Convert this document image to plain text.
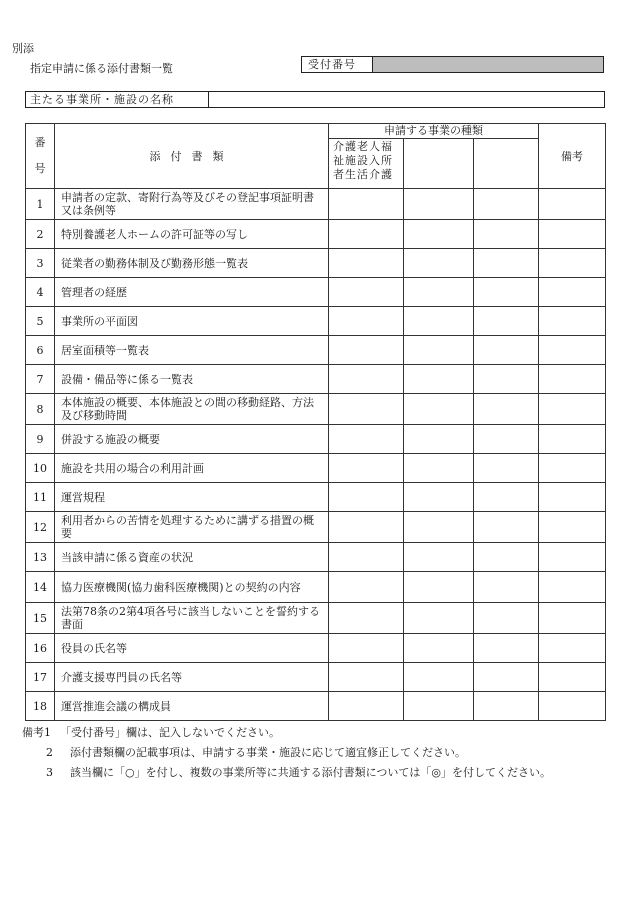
別添
指定申請に係る添付書類一覧	受付番号
主たる事業所・施設の名称
番
号	添付書類	申請する事業の種類			備考
		介護老人福祉施設入所者生活介護			
1	申請者の定款、寄附行為等及びその登記事項証明書又は条例等				
2	特別養護老人ホームの許可証等の写し				
3	従業者の勤務体制及び勤務形態一覧表				
4	管理者の経歴				
5	事業所の平面図				
6	居室面積等一覧表				
7	設備・備品等に係る一覧表				
8	本体施設の概要、本体施設との間の移動経路、方法及び移動時間				
9	併設する施設の概要				
10	施設を共用の場合の利用計画				
11	運営規程				
12	利用者からの苦情を処理するために講ずる措置の概要				
13	当該申請に係る資産の状況				
14	協力医療機関(協力歯科医療機関)との契約の内容				
15	法第78条の2第4項各号に該当しないことを誓約する書面				
16	役員の氏名等				
17	介護支援専門員の氏名等				
18	運営推進会議の構成員				
備考1 「受付番号」欄は、記入しないでください。
2	添付書類欄の記載事項は、申請する事業・施設に応じて適宜修正してください。
3	該当欄に「○」を付し、複数の事業所等に共通する添付書類については「◎」を付してください。
